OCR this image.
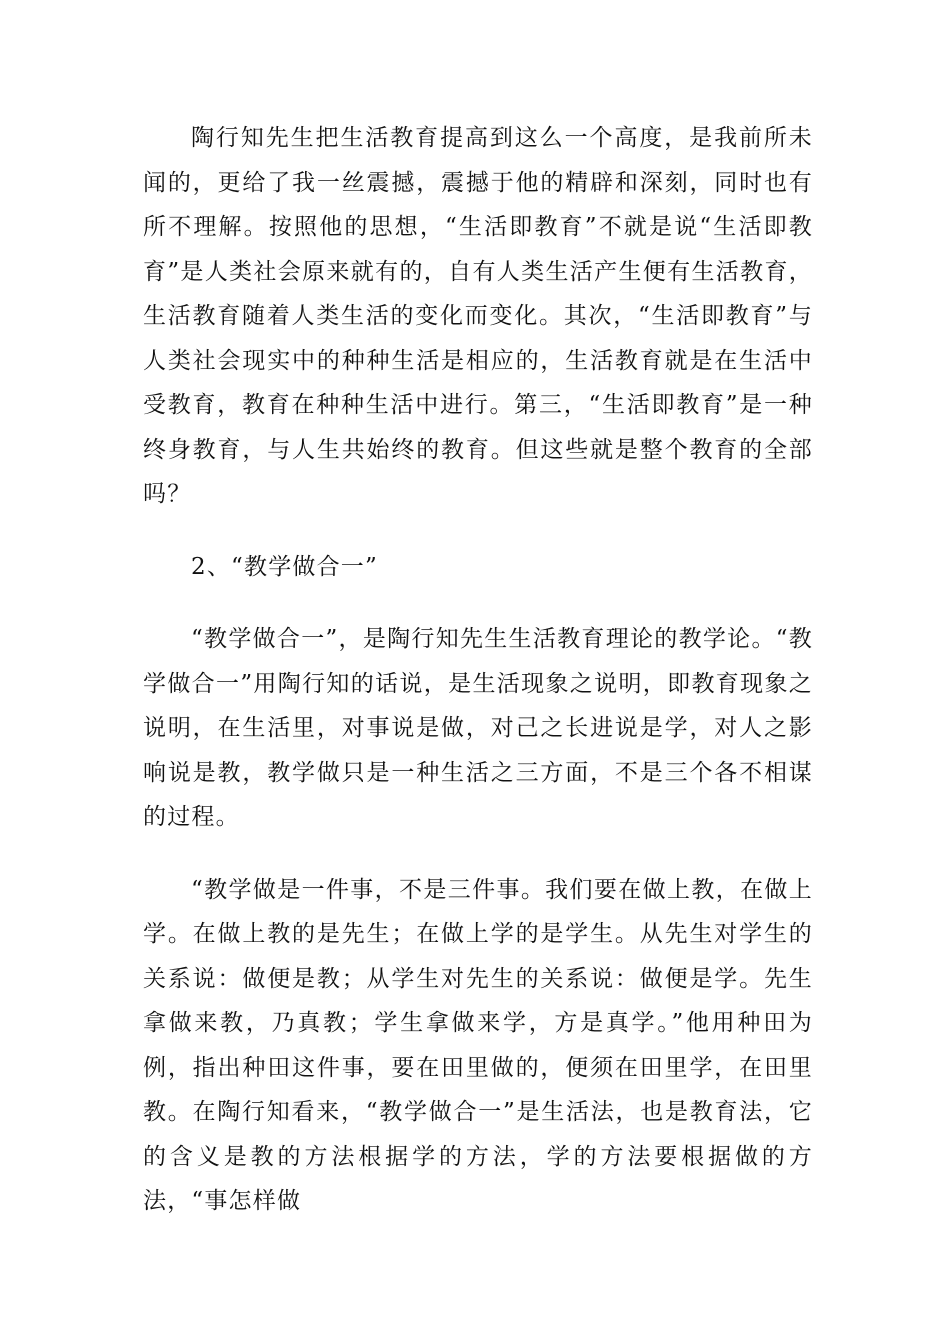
陶行知先生把生活教育提高到这么一个高度，是我前所未闻的，更给了我一丝震撼，震撼于他的精辟和深刻，同时也有所不理解。按照他的思想，“生活即教育”不就是说“生活即教育”是人类社会原来就有的，自有人类生活产生便有生活教育，生活教育随着人类生活的变化而变化。其次，“生活即教育”与人类社会现实中的种种生活是相应的，生活教育就是在生活中受教育，教育在种种生活中进行。第三，“生活即教育”是一种终身教育，与人生共始终的教育。但这些就是整个教育的全部吗？

2、“教学做合一”

“教学做合一”，是陶行知先生生活教育理论的教学论。“教学做合一”用陶行知的话说，是生活现象之说明，即教育现象之说明，在生活里，对事说是做，对己之长进说是学，对人之影响说是教，教学做只是一种生活之三方面，不是三个各不相谋的过程。

“教学做是一件事，不是三件事。我们要在做上教，在做上学。在做上教的是先生；在做上学的是学生。从先生对学生的关系说：做便是教；从学生对先生的关系说：做便是学。先生拿做来教，乃真教；学生拿做来学，方是真学。”他用种田为例，指出种田这件事，要在田里做的，便须在田里学，在田里教。在陶行知看来，“教学做合一”是生活法，也是教育法，它的含义是教的方法根据学的方法，学的方法要根据做的方法，“事怎样做
